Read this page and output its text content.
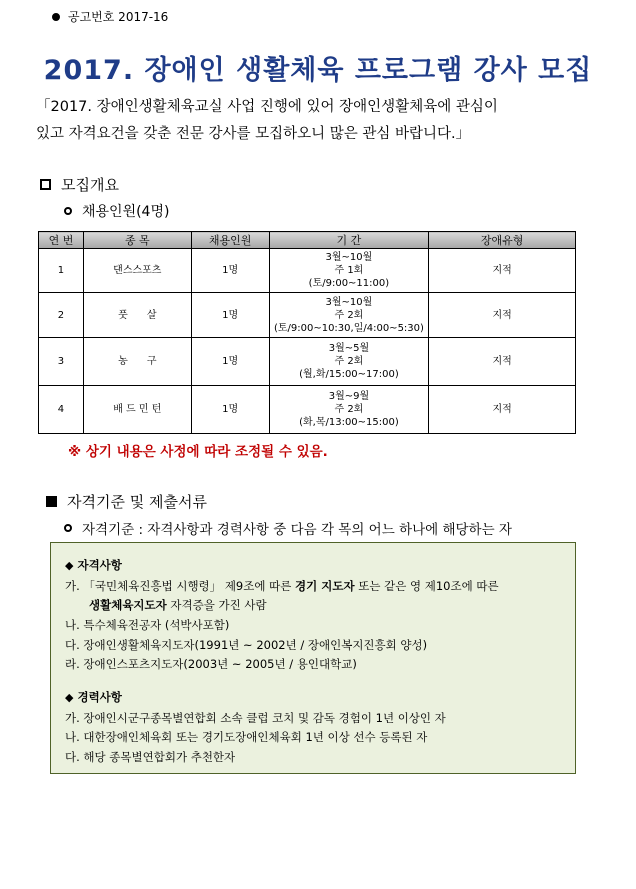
공고번호 2017-16
2017. 장애인 생활체육 프로그램 강사 모집
「2017. 장애인생활체육교실 사업 진행에 있어 장애인생활체육에 관심이
있고 자격요건을 갖춘 전문 강사를 모집하오니 많은 관심 바랍니다.」
모집개요
채용인원(4명)
연 번	종 목	채용인원	기 간	장애유형
1	댄스스포츠	1명	3월~10월
주 1회
(토/9:00~11:00)	지적
2	풋      살	1명	3월~10월
주 2회
(토/9:00~10:30,일/4:00~5:30)	지적
3	농      구	1명	3월~5월
주 2회
(월,화/15:00~17:00)	지적
4	배 드 민 턴	1명	3월~9월
주 2회
(화,목/13:00~15:00)	지적
※ 상기 내용은 사정에 따라 조정될 수 있음.
자격기준 및 제출서류
자격기준 : 자격사항과 경력사항 중 다음 각 목의 어느 하나에 해당하는 자
◆ 자격사항
가. 「국민체육진흥법 시행령」 제9조에 따른 경기 지도자 또는 같은 영 제10조에 따른
생활체육지도자 자격증을 가진 사람
나. 특수체육전공자 (석박사포함)
다. 장애인생활체육지도자(1991년 ~ 2002년 / 장애인복지진흥회 양성)
라. 장애인스포츠지도자(2003년 ~ 2005년 / 용인대학교)
◆ 경력사항
가. 장애인시군구종목별연합회 소속 클럽 코치 및 감독 경험이 1년 이상인 자
나. 대한장애인체육회 또는 경기도장애인체육회 1년 이상 선수 등록된 자
다. 해당 종목별연합회가 추천한자
